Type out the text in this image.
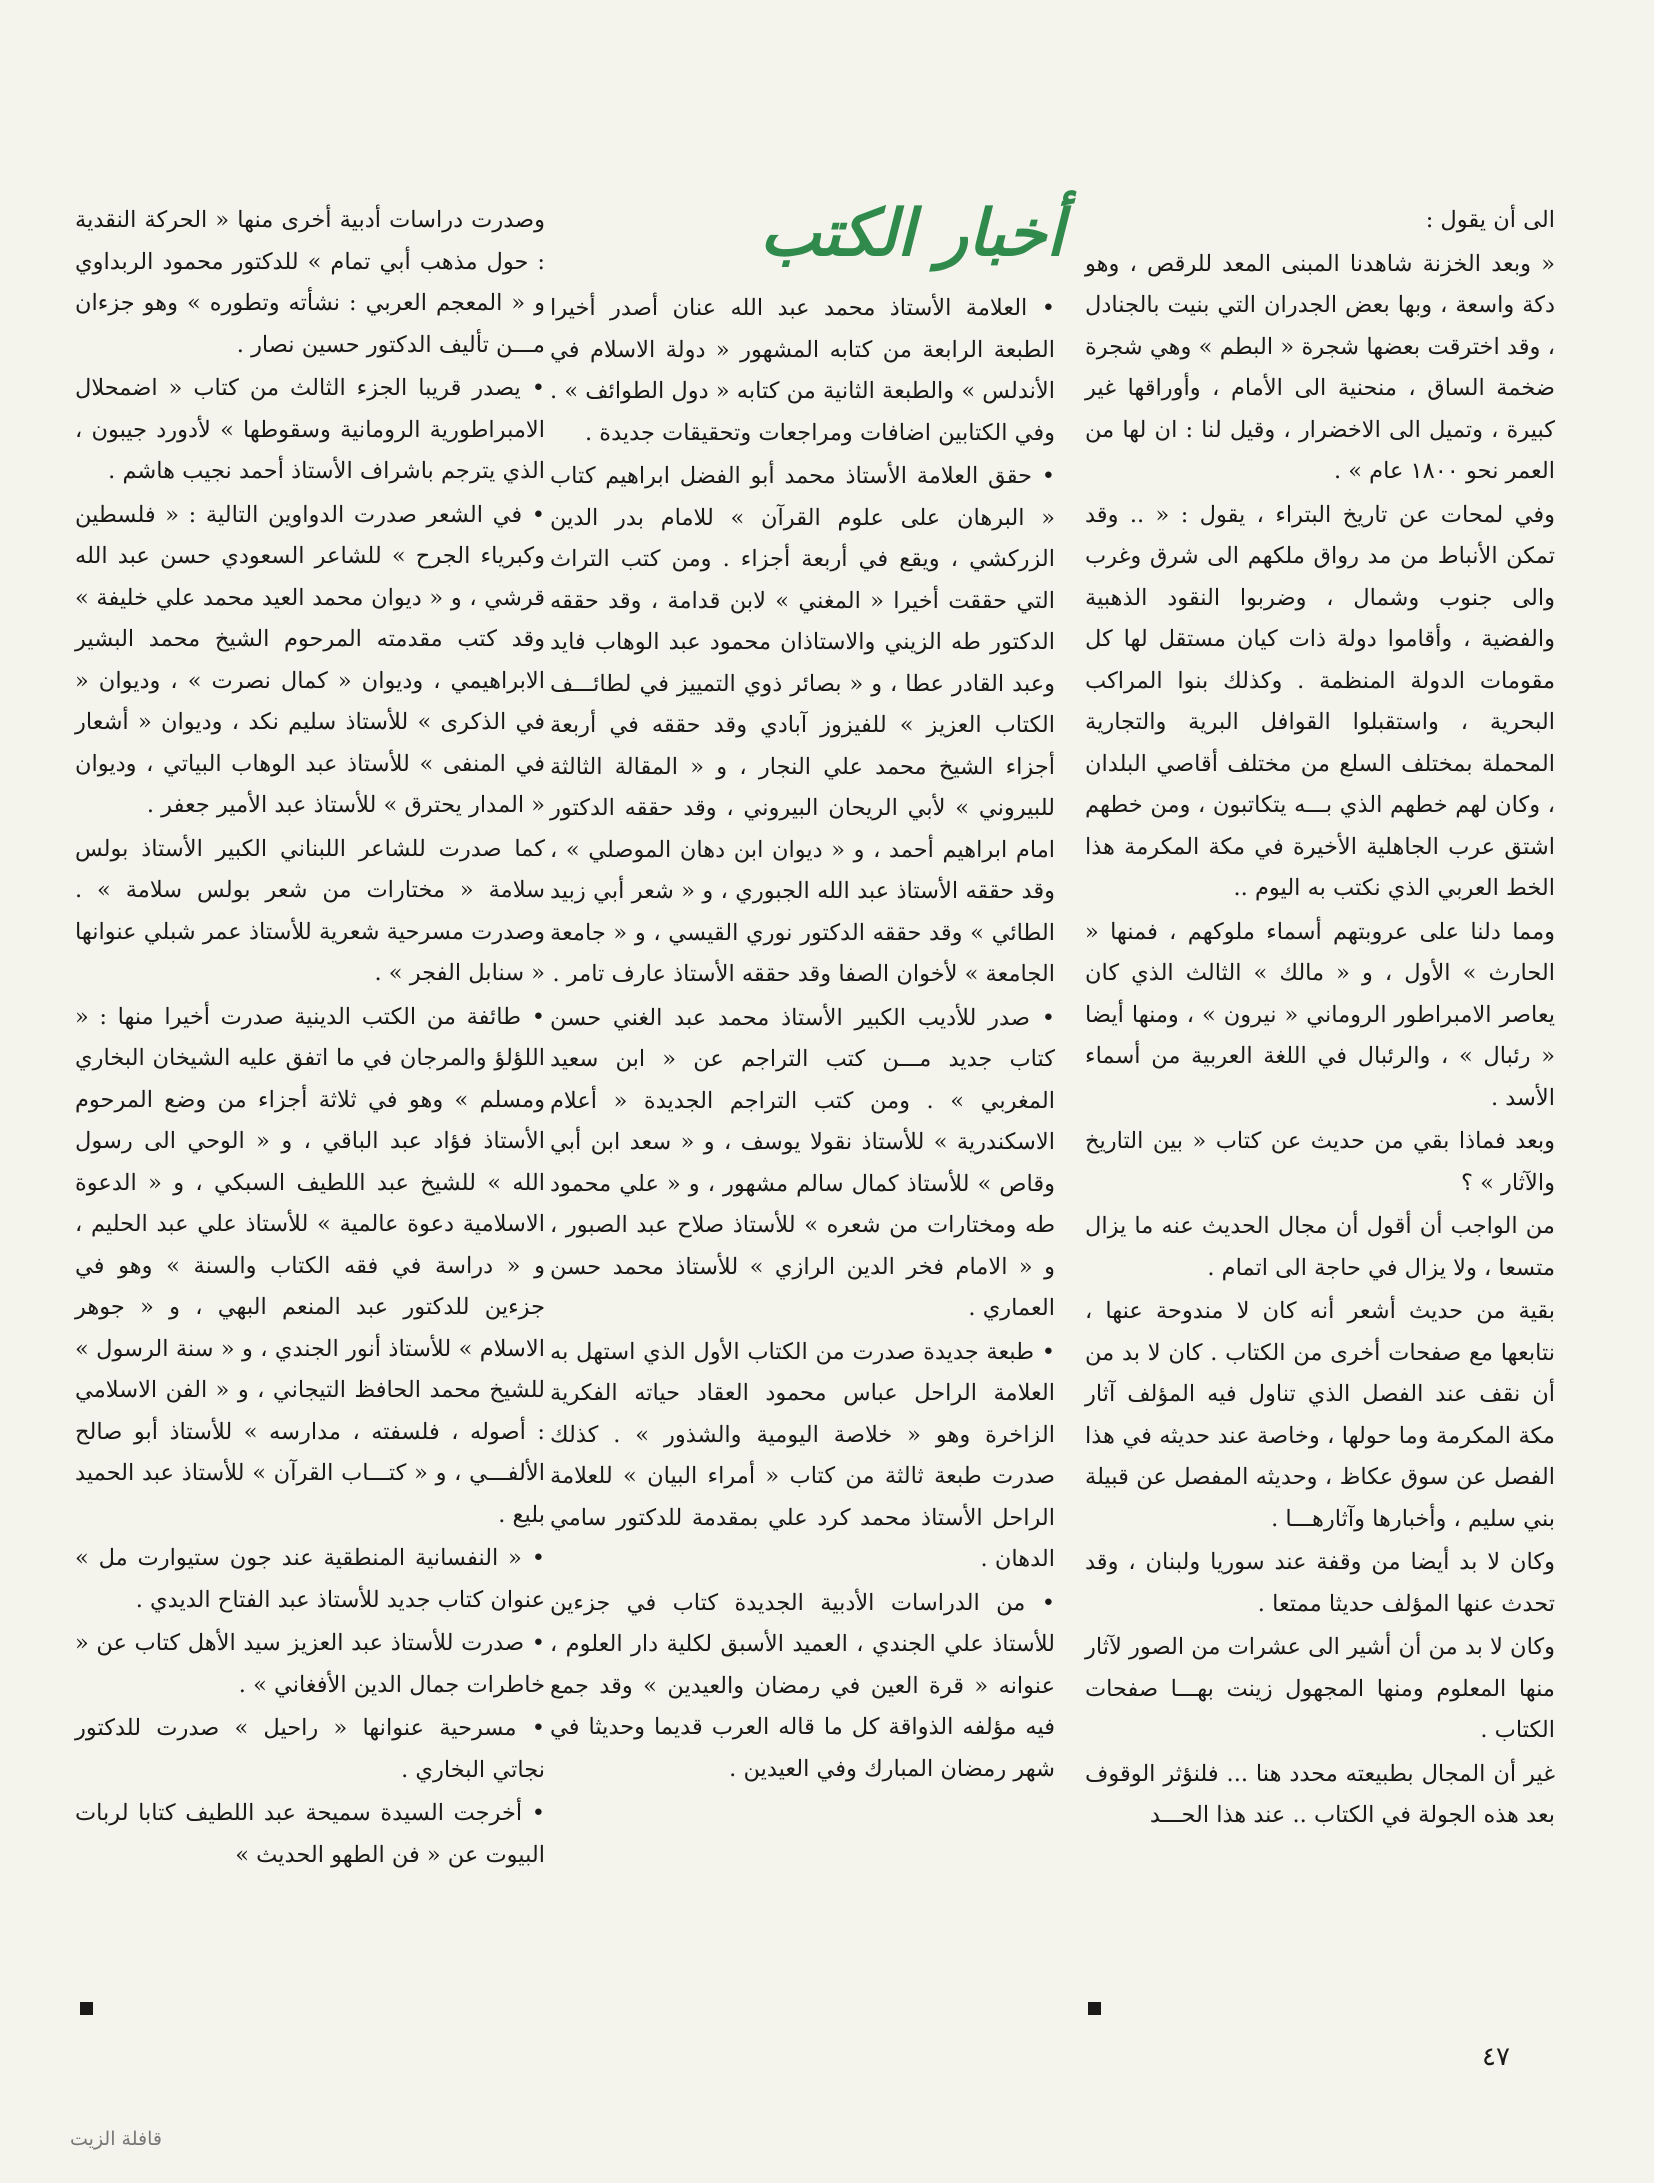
أخبار الكتب	الى أن يقول :

« وبعد الخزنة شاهدنا المبنى المعد للرقص ، وهو دكة واسعة ، وبها بعض الجدران التي بنيت بالجنادل ، وقد اخترقت بعضها شجرة « البطم » وهي شجرة ضخمة الساق ، منحنية الى الأمام ، وأوراقها غير كبيرة ، وتميل الى الاخضرار ، وقيل لنا : ان لها من العمر نحو ١٨٠٠ عام » .

وفي لمحات عن تاريخ البتراء ، يقول : « .. وقد تمكن الأنباط من مد رواق ملكهم الى شرق وغرب والى جنوب وشمال ، وضربوا النقود الذهبية والفضية ، وأقاموا دولة ذات كيان مستقل لها كل مقومات الدولة المنظمة . وكذلك بنوا المراكب البحرية ، واستقبلوا القوافل البرية والتجارية المحملة بمختلف السلع من مختلف أقاصي البلدان ، وكان لهم خطهم الذي بـــه يتكاتبون ، ومن خطهم اشتق عرب الجاهلية الأخيرة في مكة المكرمة هذا الخط العربي الذي نكتب به اليوم ..

ومما دلنا على عروبتهم أسماء ملوكهم ، فمنها « الحارث » الأول ، و « مالك » الثالث الذي كان يعاصر الامبراطور الروماني « نيرون » ، ومنها أيضا « رئبال » ، والرئبال في اللغة العربية من أسماء الأسد .

وبعد فماذا بقي من حديث عن كتاب « بين التاريخ والآثار » ؟

من الواجب أن أقول أن مجال الحديث عنه ما يزال متسعا ، ولا يزال في حاجة الى اتمام .

بقية من حديث أشعر أنه كان لا مندوحة عنها ، نتابعها مع صفحات أخرى من الكتاب . كان لا بد من أن نقف عند الفصل الذي تناول فيه المؤلف آثار مكة المكرمة وما حولها ، وخاصة عند حديثه في هذا الفصل عن سوق عكاظ ، وحديثه المفصل عن قبيلة بني سليم ، وأخبارها وآثارهـــا .

وكان لا بد أيضا من وقفة عند سوريا ولبنان ، وقد تحدث عنها المؤلف حديثا ممتعا .

وكان لا بد من أن أشير الى عشرات من الصور لآثار منها المعلوم ومنها المجهول زينت بهـــا صفحات الكتاب .

غير أن المجال بطبيعته محدد هنا ... فلنؤثر الوقوف بعد هذه الجولة في الكتاب .. عند هذا الحـــد

• العلامة الأستاذ محمد عبد الله عنان أصدر أخيرا الطبعة الرابعة من كتابه المشهور « دولة الاسلام في الأندلس » والطبعة الثانية من كتابه « دول الطوائف » . وفي الكتابين اضافات ومراجعات وتحقيقات جديدة .

• حقق العلامة الأستاذ محمد أبو الفضل ابراهيم كتاب « البرهان على علوم القرآن » للامام بدر الدين الزركشي ، ويقع في أربعة أجزاء . ومن كتب التراث التي حققت أخيرا « المغني » لابن قدامة ، وقد حققه الدكتور طه الزيني والاستاذان محمود عبد الوهاب فايد وعبد القادر عطا ، و « بصائر ذوي التمييز في لطائـــف الكتاب العزيز » للفيزوز آبادي وقد حققه في أربعة أجزاء الشيخ محمد علي النجار ، و « المقالة الثالثة للبيروني » لأبي الريحان البيروني ، وقد حققه الدكتور امام ابراهيم أحمد ، و « ديوان ابن دهان الموصلي » ، وقد حققه الأستاذ عبد الله الجبوري ، و « شعر أبي زبيد الطائي » وقد حققه الدكتور نوري القيسي ، و « جامعة الجامعة » لأخوان الصفا وقد حققه الأستاذ عارف تامر .

• صدر للأديب الكبير الأستاذ محمد عبد الغني حسن كتاب جديد مـــن كتب التراجم عن « ابن سعيد المغربي » . ومن كتب التراجم الجديدة « أعلام الاسكندرية » للأستاذ نقولا يوسف ، و « سعد ابن أبي وقاص » للأستاذ كمال سالم مشهور ، و « علي محمود طه ومختارات من شعره » للأستاذ صلاح عبد الصبور ، و « الامام فخر الدين الرازي » للأستاذ محمد حسن العماري .

• طبعة جديدة صدرت من الكتاب الأول الذي استهل به العلامة الراحل عباس محمود العقاد حياته الفكرية الزاخرة وهو « خلاصة اليومية والشذور » . كذلك صدرت طبعة ثالثة من كتاب « أمراء البيان » للعلامة الراحل الأستاذ محمد كرد علي بمقدمة للدكتور سامي الدهان .

• من الدراسات الأدبية الجديدة كتاب في جزءين للأستاذ علي الجندي ، العميد الأسبق لكلية دار العلوم ، عنوانه « قرة العين في رمضان والعيدين » وقد جمع فيه مؤلفه الذواقة كل ما قاله العرب قديما وحديثا في شهر رمضان المبارك وفي العيدين .

وصدرت دراسات أدبية أخرى منها « الحركة النقدية : حول مذهب أبي تمام » للدكتور محمود الربداوي و « المعجم العربي : نشأته وتطوره » وهو جزءان مـــن تأليف الدكتور حسين نصار .

• يصدر قريبا الجزء الثالث من كتاب « اضمحلال الامبراطورية الرومانية وسقوطها » لأدورد جيبون ، الذي يترجم باشراف الأستاذ أحمد نجيب هاشم .

• في الشعر صدرت الدواوين التالية : « فلسطين وكبرياء الجرح » للشاعر السعودي حسن عبد الله قرشي ، و « ديوان محمد العيد محمد علي خليفة » وقد كتب مقدمته المرحوم الشيخ محمد البشير الابراهيمي ، وديوان « كمال نصرت » ، وديوان « في الذكرى » للأستاذ سليم نكد ، وديوان « أشعار في المنفى » للأستاذ عبد الوهاب البياتي ، وديوان « المدار يحترق » للأستاذ عبد الأمير جعفر .

كما صدرت للشاعر اللبناني الكبير الأستاذ بولس سلامة « مختارات من شعر بولس سلامة » . وصدرت مسرحية شعرية للأستاذ عمر شبلي عنوانها « سنابل الفجر » .

• طائفة من الكتب الدينية صدرت أخيرا منها : « اللؤلؤ والمرجان في ما اتفق عليه الشيخان البخاري ومسلم » وهو في ثلاثة أجزاء من وضع المرحوم الأستاذ فؤاد عبد الباقي ، و « الوحي الى رسول الله » للشيخ عبد اللطيف السبكي ، و « الدعوة الاسلامية دعوة عالمية » للأستاذ علي عبد الحليم ، و « دراسة في فقه الكتاب والسنة » وهو في جزءين للدكتور عبد المنعم البهي ، و « جوهر الاسلام » للأستاذ أنور الجندي ، و « سنة الرسول » للشيخ محمد الحافظ التيجاني ، و « الفن الاسلامي : أصوله ، فلسفته ، مدارسه » للأستاذ أبو صالح الألفـــي ، و « كتـــاب القرآن » للأستاذ عبد الحميد بليع .

• « النفسانية المنطقية عند جون ستيوارت مل » عنوان كتاب جديد للأستاذ عبد الفتاح الديدي .

• صدرت للأستاذ عبد العزيز سيد الأهل كتاب عن « خاطرات جمال الدين الأفغاني » .

• مسرحية عنوانها « راحيل » صدرت للدكتور نجاتي البخاري .

• أخرجت السيدة سميحة عبد اللطيف كتابا لربات البيوت عن « فن الطهو الحديث »

٤٧
قافلة الزيت
